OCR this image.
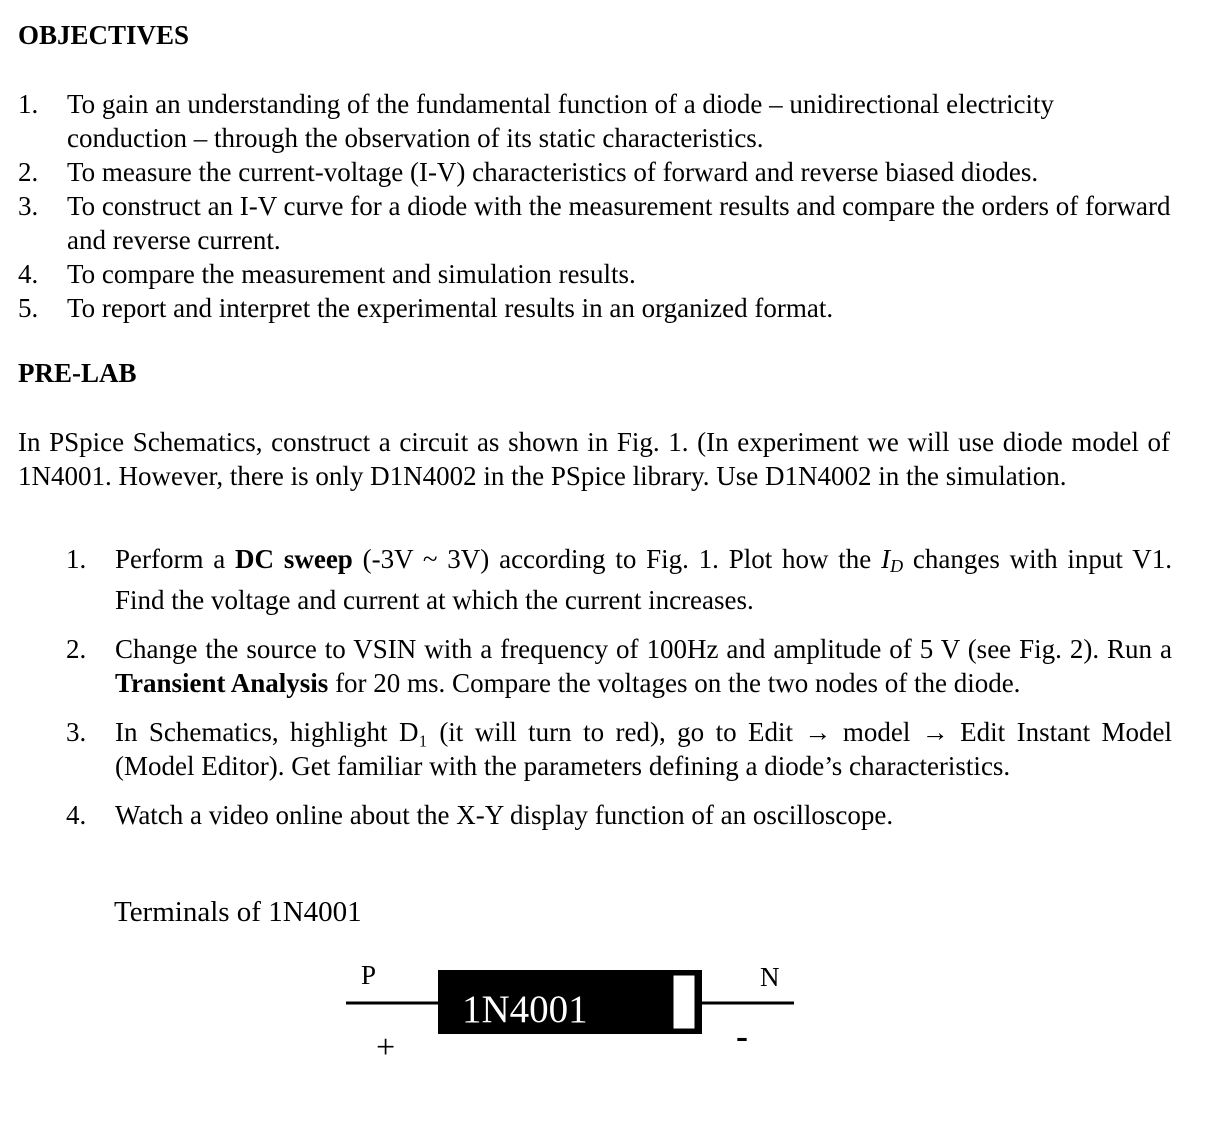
OBJECTIVES
1. To gain an understanding of the fundamental function of a diode – unidirectional electricity conduction – through the observation of its static characteristics.
2. To measure the current-voltage (I-V) characteristics of forward and reverse biased diodes.
3. To construct an I-V curve for a diode with the measurement results and compare the orders of forward and reverse current.
4. To compare the measurement and simulation results.
5. To report and interpret the experimental results in an organized format.
PRE-LAB
In PSpice Schematics, construct a circuit as shown in Fig. 1. (In experiment we will use diode model of 1N4001. However, there is only D1N4002 in the PSpice library. Use D1N4002 in the simulation.
1. Perform a DC sweep (-3V ~ 3V) according to Fig. 1. Plot how the ID changes with input V1. Find the voltage and current at which the current increases.
2. Change the source to VSIN with a frequency of 100Hz and amplitude of 5 V (see Fig. 2). Run a Transient Analysis for 20 ms. Compare the voltages on the two nodes of the diode.
3. In Schematics, highlight D₁ (it will turn to red), go to Edit → model → Edit Instant Model (Model Editor). Get familiar with the parameters defining a diode’s characteristics.
4. Watch a video online about the X-Y display function of an oscilloscope.
Terminals of 1N4001
P	N
1N4001
+	-
